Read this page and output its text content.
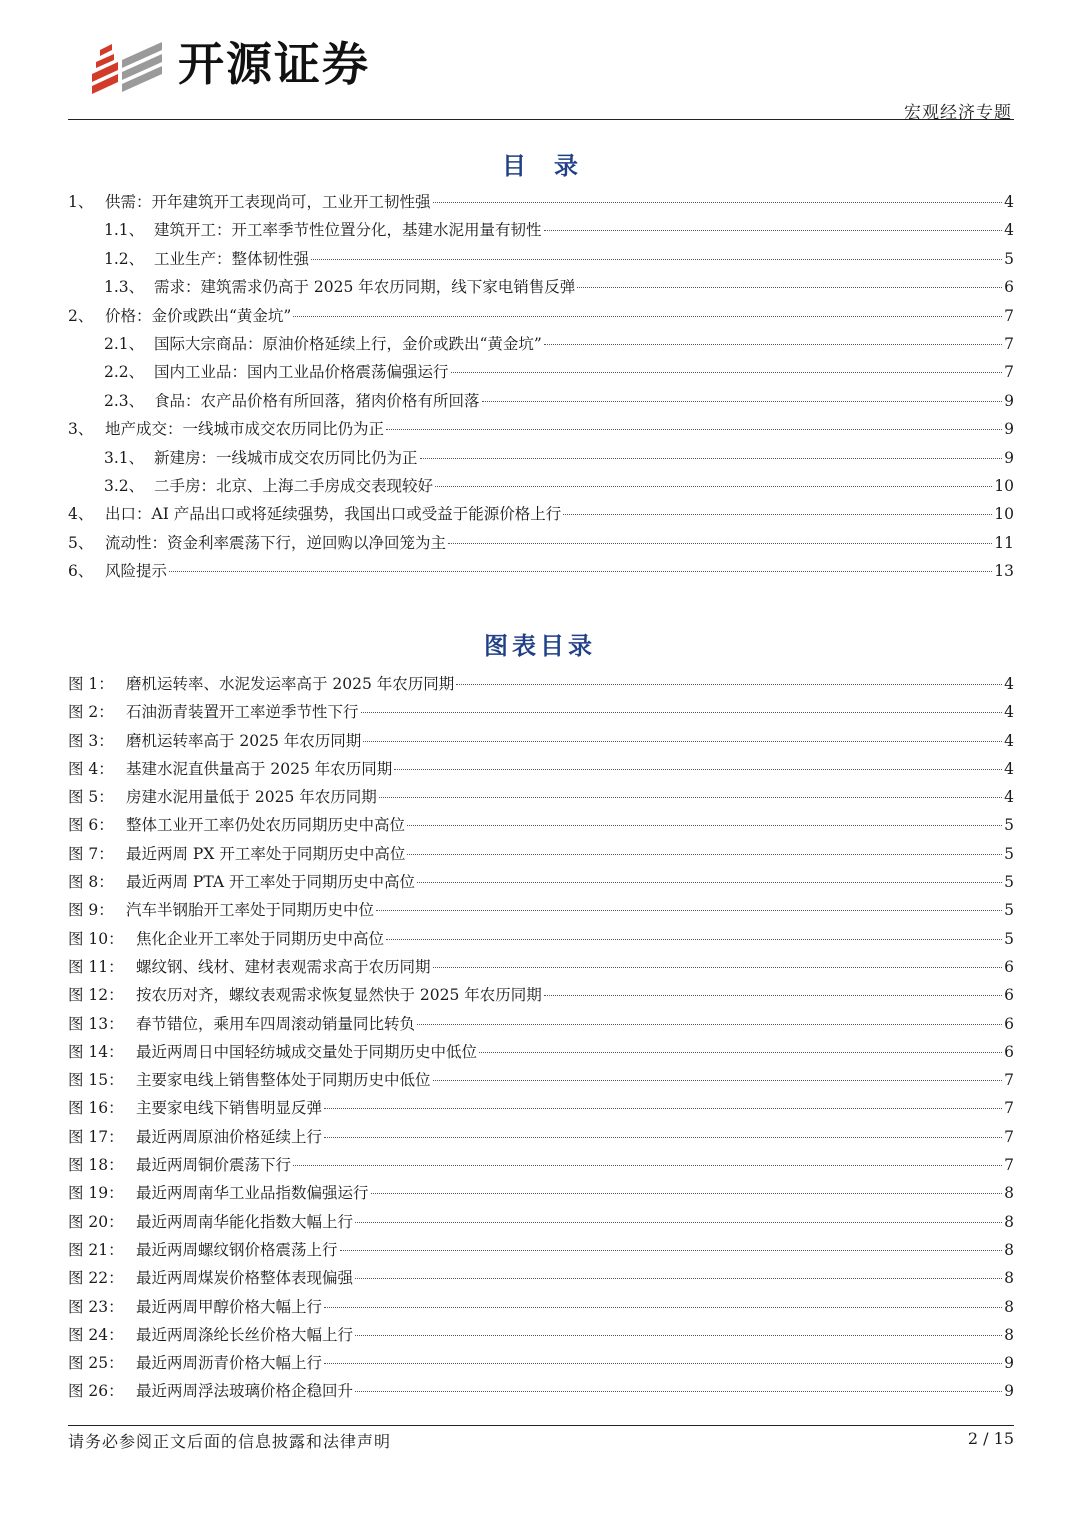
开源证券
宏观经济专题
目录
1、 供需：开年建筑开工表现尚可，工业开工韧性强	4
1.1、 建筑开工：开工率季节性位置分化，基建水泥用量有韧性	4
1.2、 工业生产：整体韧性强	5
1.3、 需求：建筑需求仍高于 2025 年农历同期，线下家电销售反弹	6
2、 价格：金价或跌出“黄金坑”	7
2.1、 国际大宗商品：原油价格延续上行，金价或跌出“黄金坑”	7
2.2、 国内工业品：国内工业品价格震荡偏强运行	7
2.3、 食品：农产品价格有所回落，猪肉价格有所回落	9
3、 地产成交：一线城市成交农历同比仍为正	9
3.1、 新建房：一线城市成交农历同比仍为正	9
3.2、 二手房：北京、上海二手房成交表现较好	10
4、 出口：AI 产品出口或将延续强势，我国出口或受益于能源价格上行	10
5、 流动性：资金利率震荡下行，逆回购以净回笼为主	11
6、 风险提示	13
图表目录
图 1： 磨机运转率、水泥发运率高于 2025 年农历同期	4
图 2： 石油沥青装置开工率逆季节性下行	4
图 3： 磨机运转率高于 2025 年农历同期	4
图 4： 基建水泥直供量高于 2025 年农历同期	4
图 5： 房建水泥用量低于 2025 年农历同期	4
图 6： 整体工业开工率仍处农历同期历史中高位	5
图 7： 最近两周 PX 开工率处于同期历史中高位	5
图 8： 最近两周 PTA 开工率处于同期历史中高位	5
图 9： 汽车半钢胎开工率处于同期历史中位	5
图 10： 焦化企业开工率处于同期历史中高位	5
图 11： 螺纹钢、线材、建材表观需求高于农历同期	6
图 12： 按农历对齐，螺纹表观需求恢复显然快于 2025 年农历同期	6
图 13： 春节错位，乘用车四周滚动销量同比转负	6
图 14： 最近两周日中国轻纺城成交量处于同期历史中低位	6
图 15： 主要家电线上销售整体处于同期历史中低位	7
图 16： 主要家电线下销售明显反弹	7
图 17： 最近两周原油价格延续上行	7
图 18： 最近两周铜价震荡下行	7
图 19： 最近两周南华工业品指数偏强运行	8
图 20： 最近两周南华能化指数大幅上行	8
图 21： 最近两周螺纹钢价格震荡上行	8
图 22： 最近两周煤炭价格整体表现偏强	8
图 23： 最近两周甲醇价格大幅上行	8
图 24： 最近两周涤纶长丝价格大幅上行	8
图 25： 最近两周沥青价格大幅上行	9
图 26： 最近两周浮法玻璃价格企稳回升	9
请务必参阅正文后面的信息披露和法律声明	2 / 15
